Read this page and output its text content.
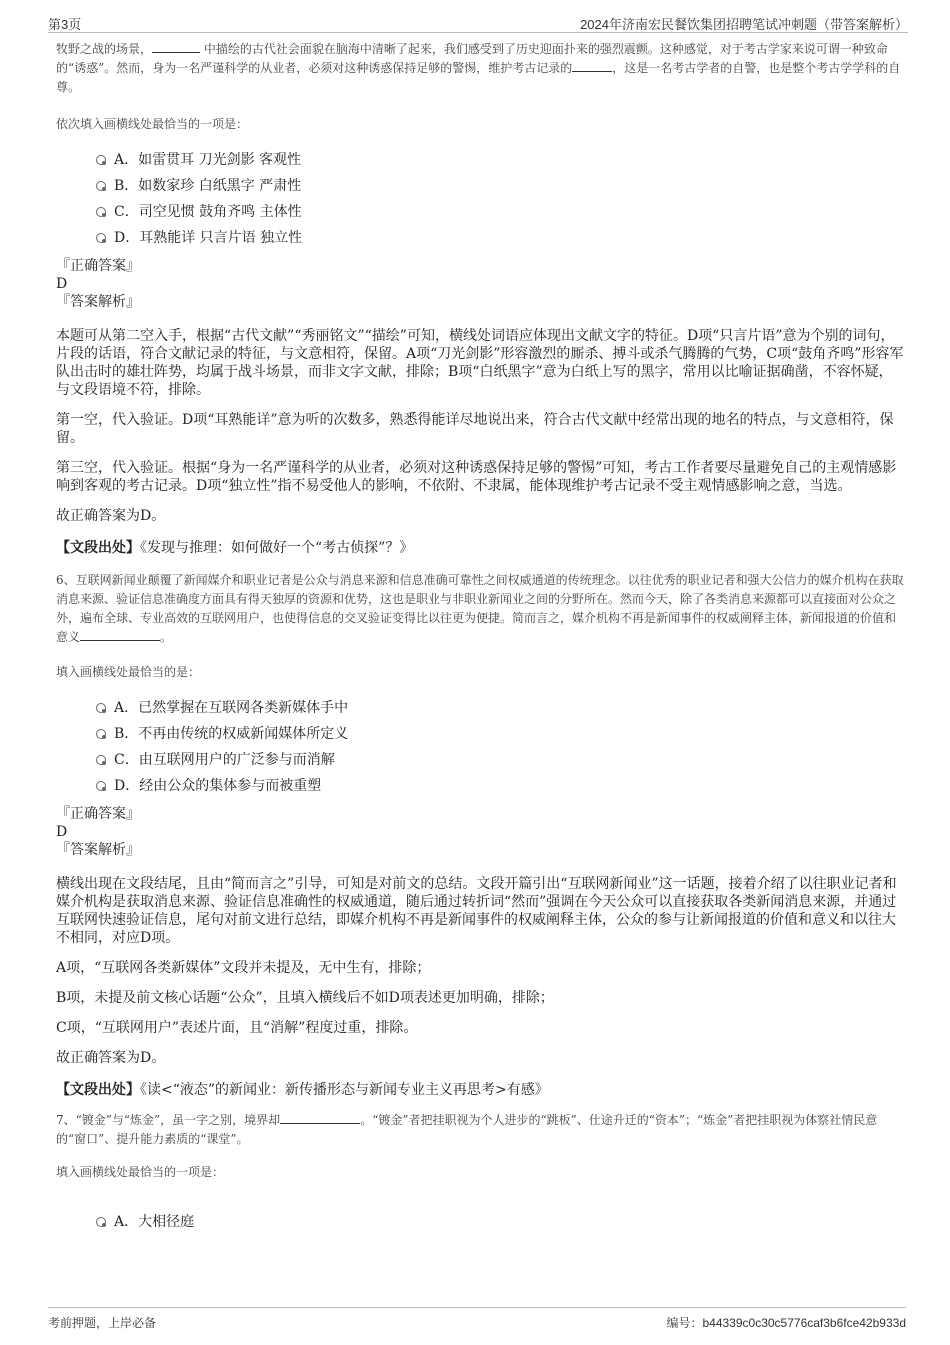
第3页	2024年济南宏民餐饮集团招聘笔试冲刺题（带答案解析）

牧野之战的场景，	中描绘的古代社会面貌在脑海中清晰了起来，我们感受到了历史迎面扑来的强烈震颤。这种感觉，对于考古学家来说可谓一种致命的“诱惑”。然而，身为一名严谨科学的从业者，必须对这种诱惑保持足够的警惕，维护考古记录的	，这是一名考古学者的自警，也是整个考古学学科的自尊。

依次填入画横线处最恰当的一项是：

A．如雷贯耳 刀光剑影 客观性
B．如数家珍 白纸黑字 严肃性
C．司空见惯 鼓角齐鸣 主体性
D．耳熟能详 只言片语 独立性
『正确答案』
D
『答案解析』

本题可从第二空入手，根据“古代文献”“秀丽铭文”“描绘”可知，横线处词语应体现出文献文字的特征。D项“只言片语”意为个别的词句，片段的话语，符合文献记录的特征，与文意相符，保留。A项“刀光剑影”形容激烈的厮杀、搏斗或杀气腾腾的气势，C项“鼓角齐鸣”形容军队出击时的雄壮阵势，均属于战斗场景，而非文字文献，排除；B项“白纸黑字”意为白纸上写的黑字，常用以比喻证据确凿，不容怀疑，与文段语境不符，排除。

第一空，代入验证。D项“耳熟能详”意为听的次数多，熟悉得能详尽地说出来，符合古代文献中经常出现的地名的特点，与文意相符，保留。

第三空，代入验证。根据“身为一名严谨科学的从业者，必须对这种诱惑保持足够的警惕”可知，考古工作者要尽量避免自己的主观情感影响到客观的考古记录。D项“独立性”指不易受他人的影响，不依附、不隶属，能体现维护考古记录不受主观情感影响之意，当选。

故正确答案为D。

【文段出处】《发现与推理：如何做好一个“考古侦探”？》

6、互联网新闻业颠覆了新闻媒介和职业记者是公众与消息来源和信息准确可靠性之间权威通道的传统理念。以往优秀的职业记者和强大公信力的媒介机构在获取消息来源、验证信息准确度方面具有得天独厚的资源和优势，这也是职业与非职业新闻业之间的分野所在。然而今天，除了各类消息来源都可以直接面对公众之外，遍布全球、专业高效的互联网用户，也使得信息的交叉验证变得比以往更为便捷。简而言之，媒介机构不再是新闻事件的权威阐释主体，新闻报道的价值和意义	。

填入画横线处最恰当的是：

A．已然掌握在互联网各类新媒体手中
B．不再由传统的权威新闻媒体所定义
C．由互联网用户的广泛参与而消解
D．经由公众的集体参与而被重塑
『正确答案』
D
『答案解析』

横线出现在文段结尾，且由“简而言之”引导，可知是对前文的总结。文段开篇引出“互联网新闻业”这一话题，接着介绍了以往职业记者和媒介机构是获取消息来源、验证信息准确性的权威通道，随后通过转折词“然而”强调在今天公众可以直接获取各类新闻消息来源，并通过互联网快速验证信息，尾句对前文进行总结，即媒介机构不再是新闻事件的权威阐释主体，公众的参与让新闻报道的价值和意义和以往大不相同，对应D项。

A项，“互联网各类新媒体”文段并未提及，无中生有，排除；

B项，未提及前文核心话题“公众”，且填入横线后不如D项表述更加明确，排除；

C项，“互联网用户”表述片面，且“消解”程度过重，排除。

故正确答案为D。

【文段出处】《读<“液态”的新闻业：新传播形态与新闻专业主义再思考>有感》

7、“镀金”与“炼金”，虽一字之别，境界却	。“镀金”者把挂职视为个人进步的“跳板”、仕途升迁的“资本”；“炼金”者把挂职视为体察社情民意的“窗口”、提升能力素质的“课堂”。

填入画横线处最恰当的一项是：

A．大相径庭
考前押题，上岸必备	编号：b44339c0c30c5776caf3b6fce42b933d
